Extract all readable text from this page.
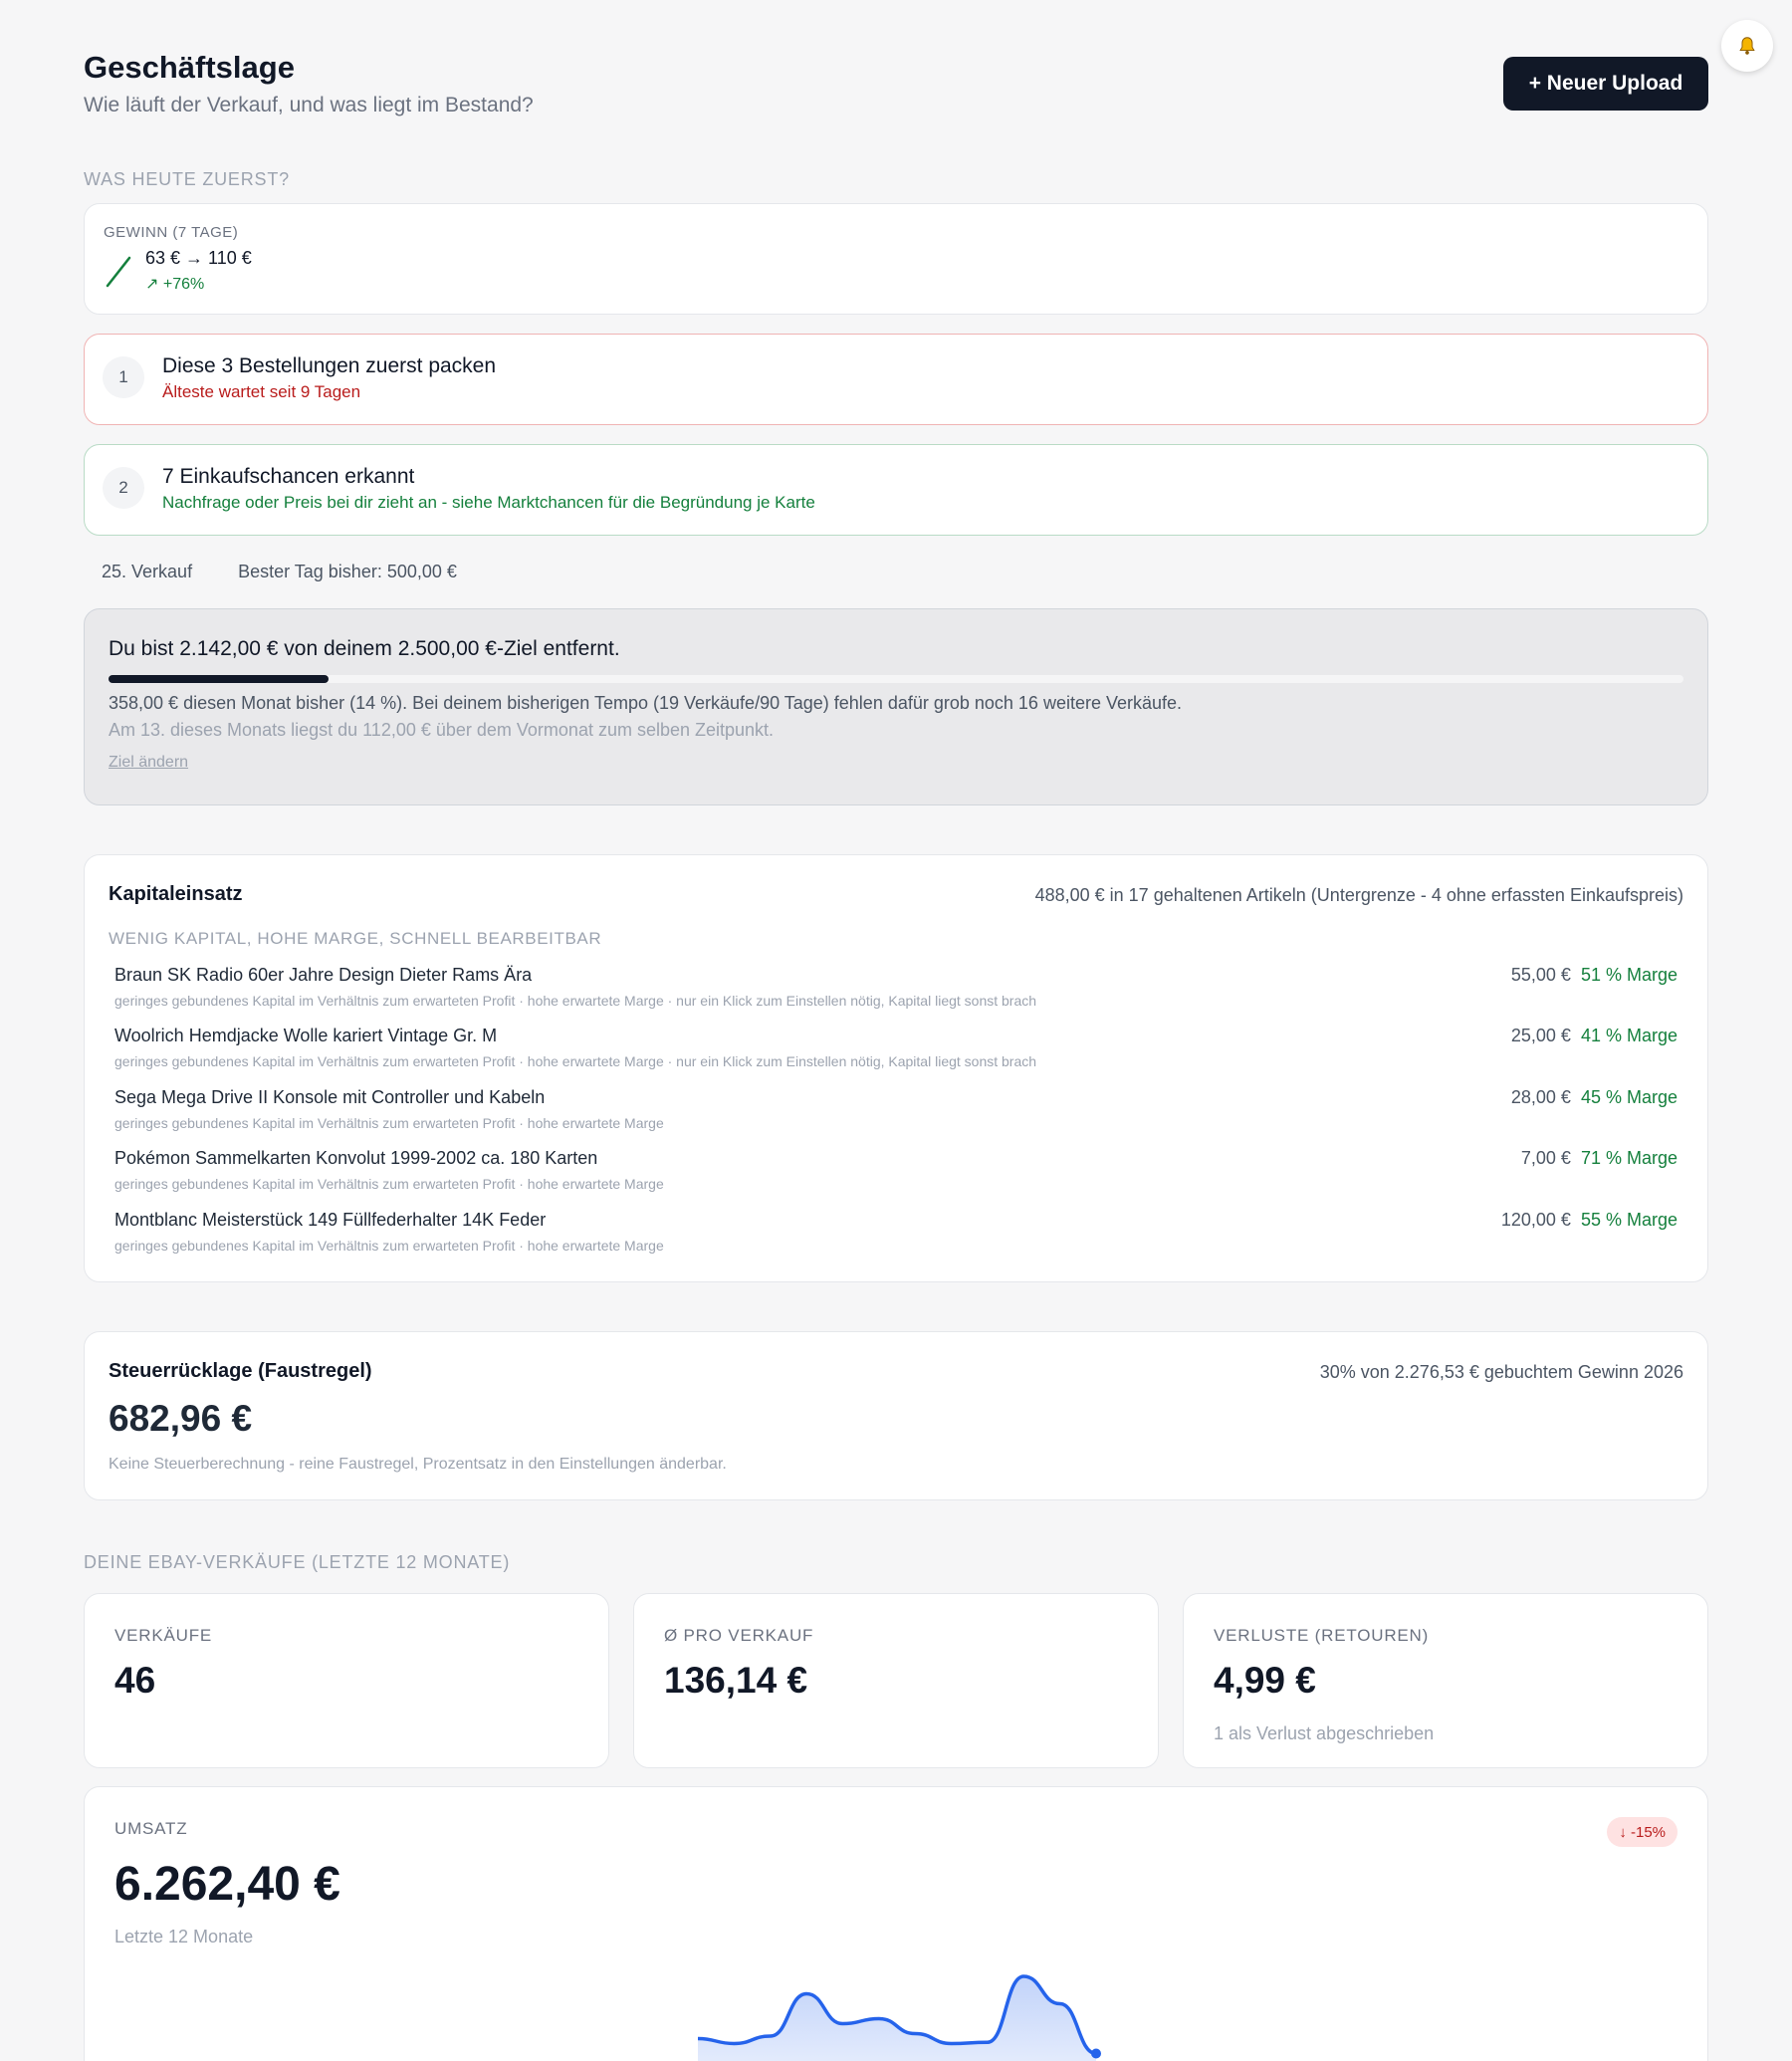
Geschäftslage
Wie läuft der Verkauf, und was liegt im Bestand?
+ Neuer Upload
WAS HEUTE ZUERST?
GEWINN (7 TAGE)
63 € → 110 €
↗ +76%
1	Diese 3 Bestellungen zuerst packen
Älteste wartet seit 9 Tagen
2	7 Einkaufschancen erkannt
Nachfrage oder Preis bei dir zieht an - siehe Marktchancen für die Begründung je Karte
25. Verkauf	Bester Tag bisher: 500,00 €
Du bist 2.142,00 € von deinem 2.500,00 €-Ziel entfernt.
358,00 € diesen Monat bisher (14 %). Bei deinem bisherigen Tempo (19 Verkäufe/90 Tage) fehlen dafür grob noch 16 weitere Verkäufe.
Am 13. dieses Monats liegst du 112,00 € über dem Vormonat zum selben Zeitpunkt.
Ziel ändern
Kapitaleinsatz	488,00 € in 17 gehaltenen Artikeln (Untergrenze - 4 ohne erfassten Einkaufspreis)
WENIG KAPITAL, HOHE MARGE, SCHNELL BEARBEITBAR
Braun SK Radio 60er Jahre Design Dieter Rams Ära
geringes gebundenes Kapital im Verhältnis zum erwarteten Profit · hohe erwartete Marge · nur ein Klick zum Einstellen nötig, Kapital liegt sonst brach
55,00 € 51 % Marge
Woolrich Hemdjacke Wolle kariert Vintage Gr. M
geringes gebundenes Kapital im Verhältnis zum erwarteten Profit · hohe erwartete Marge · nur ein Klick zum Einstellen nötig, Kapital liegt sonst brach
25,00 € 41 % Marge
Sega Mega Drive II Konsole mit Controller und Kabeln
geringes gebundenes Kapital im Verhältnis zum erwarteten Profit · hohe erwartete Marge
28,00 € 45 % Marge
Pokémon Sammelkarten Konvolut 1999-2002 ca. 180 Karten
geringes gebundenes Kapital im Verhältnis zum erwarteten Profit · hohe erwartete Marge
7,00 € 71 % Marge
Montblanc Meisterstück 149 Füllfederhalter 14K Feder
geringes gebundenes Kapital im Verhältnis zum erwarteten Profit · hohe erwartete Marge
120,00 € 55 % Marge
Steuerrücklage (Faustregel)	30% von 2.276,53 € gebuchtem Gewinn 2026
682,96 €
Keine Steuerberechnung - reine Faustregel, Prozentsatz in den Einstellungen änderbar.
DEINE EBAY-VERKÄUFE (LETZTE 12 MONATE)
VERKÄUFE
46
Ø PRO VERKAUF
136,14 €
VERLUSTE (RETOUREN)
4,99 €
1 als Verlust abgeschrieben
UMSATZ	↓ -15%
6.262,40 €
Letzte 12 Monate
